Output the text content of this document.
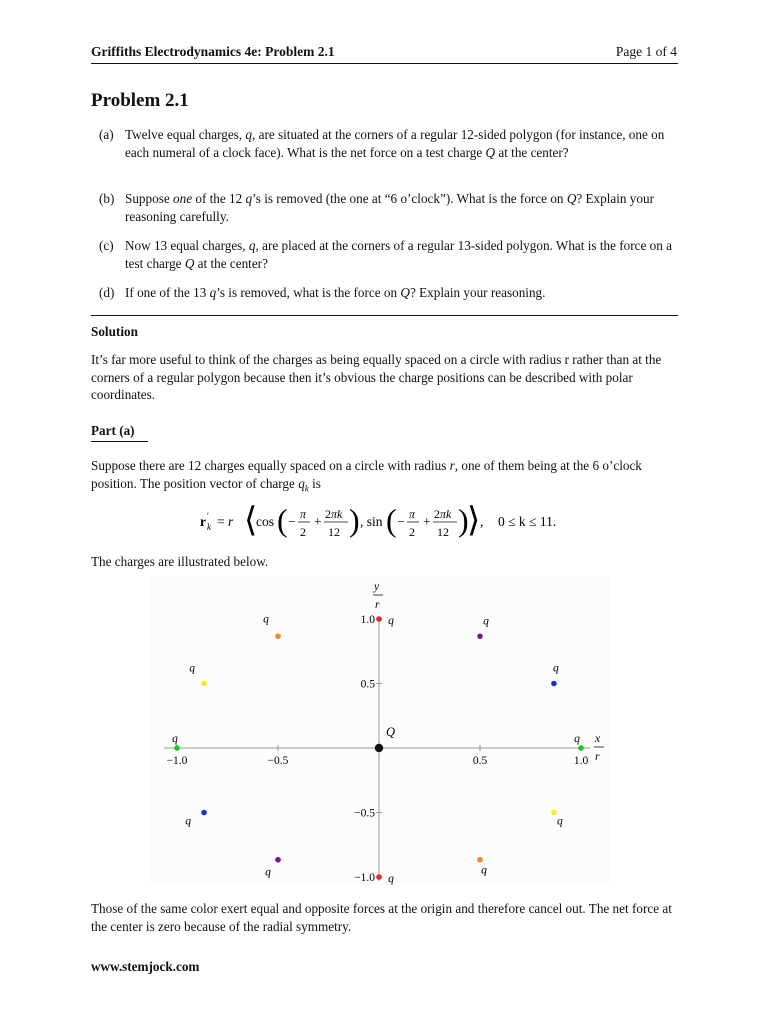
Griffiths Electrodynamics 4e: Problem 2.1	Page 1 of 4
Problem 2.1
(a) Twelve equal charges, q, are situated at the corners of a regular 12-sided polygon (for instance, one on each numeral of a clock face). What is the net force on a test charge Q at the center?
(b) Suppose one of the 12 q’s is removed (the one at “6 o’clock”). What is the force on Q? Explain your reasoning carefully.
(c) Now 13 equal charges, q, are placed at the corners of a regular 13-sided polygon. What is the force on a test charge Q at the center?
(d) If one of the 13 q’s is removed, what is the force on Q? Explain your reasoning.
Solution
It’s far more useful to think of the charges as being equally spaced on a circle with radius r rather than at the corners of a regular polygon because then it’s obvious the charge positions can be described with polar coordinates.
Part (a)
Suppose there are 12 charges equally spaced on a circle with radius r, one of them being at the 6 o’clock position. The position vector of charge $q_k$ is
r ′
k = r ⟨
cos ( − π
2
+ 2πk
12 ) , sin ( − π
2
+ 2πk
12 )
⟩ , 0 ≤ k ≤ 11.
The charges are illustrated below.
−1.0	−0.5	0.5	1.0
1.0
0.5
−0.5
−1.0 q
q
q
q
q
q
q
q
q
q
q
q
y
r
x
r
Q
Those of the same color exert equal and opposite forces at the origin and therefore cancel out. The net force at the center is zero because of the radial symmetry.
www.stemjock.com
